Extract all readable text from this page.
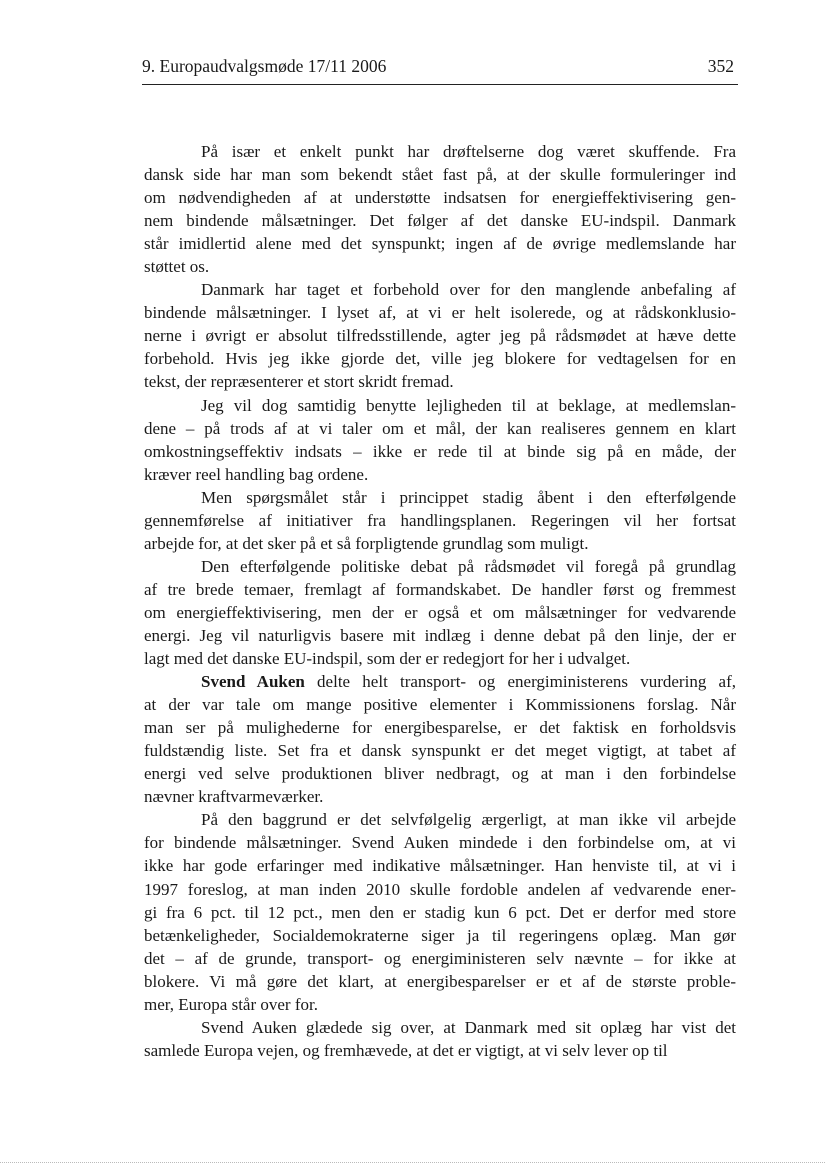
9. Europaudvalgsmøde 17/11 2006	352
På især et enkelt punkt har drøftelserne dog været skuffende. Fra
dansk side har man som bekendt stået fast på, at der skulle formuleringer ind
om nødvendigheden af at understøtte indsatsen for energieffektivisering gen-
nem bindende målsætninger. Det følger af det danske EU-indspil. Danmark
står imidlertid alene med det synspunkt; ingen af de øvrige medlemslande har
støttet os.
Danmark har taget et forbehold over for den manglende anbefaling af
bindende målsætninger. I lyset af, at vi er helt isolerede, og at rådskonklusio-
nerne i øvrigt er absolut tilfredsstillende, agter jeg på rådsmødet at hæve dette
forbehold. Hvis jeg ikke gjorde det, ville jeg blokere for vedtagelsen for en
tekst, der repræsenterer et stort skridt fremad.
Jeg vil dog samtidig benytte lejligheden til at beklage, at medlemslan-
dene – på trods af at vi taler om et mål, der kan realiseres gennem en klart
omkostningseffektiv indsats – ikke er rede til at binde sig på en måde, der
kræver reel handling bag ordene.
Men spørgsmålet står i princippet stadig åbent i den efterfølgende
gennemførelse af initiativer fra handlingsplanen. Regeringen vil her fortsat
arbejde for, at det sker på et så forpligtende grundlag som muligt.
Den efterfølgende politiske debat på rådsmødet vil foregå på grundlag
af tre brede temaer, fremlagt af formandskabet. De handler først og fremmest
om energieffektivisering, men der er også et om målsætninger for vedvarende
energi. Jeg vil naturligvis basere mit indlæg i denne debat på den linje, der er
lagt med det danske EU-indspil, som der er redegjort for her i udvalget.
Svend Auken delte helt transport- og energiministerens vurdering af,
at der var tale om mange positive elementer i Kommissionens forslag. Når
man ser på mulighederne for energibesparelse, er det faktisk en forholdsvis
fuldstændig liste. Set fra et dansk synspunkt er det meget vigtigt, at tabet af
energi ved selve produktionen bliver nedbragt, og at man i den forbindelse
nævner kraftvarmeværker.
På den baggrund er det selvfølgelig ærgerligt, at man ikke vil arbejde
for bindende målsætninger. Svend Auken mindede i den forbindelse om, at vi
ikke har gode erfaringer med indikative målsætninger. Han henviste til, at vi i
1997 foreslog, at man inden 2010 skulle fordoble andelen af vedvarende ener-
gi fra 6 pct. til 12 pct., men den er stadig kun 6 pct. Det er derfor med store
betænkeligheder, Socialdemokraterne siger ja til regeringens oplæg. Man gør
det – af de grunde, transport- og energiministeren selv nævnte – for ikke at
blokere. Vi må gøre det klart, at energibesparelser er et af de største proble-
mer, Europa står over for.
Svend Auken glædede sig over, at Danmark med sit oplæg har vist det
samlede Europa vejen, og fremhævede, at det er vigtigt, at vi selv lever op til
